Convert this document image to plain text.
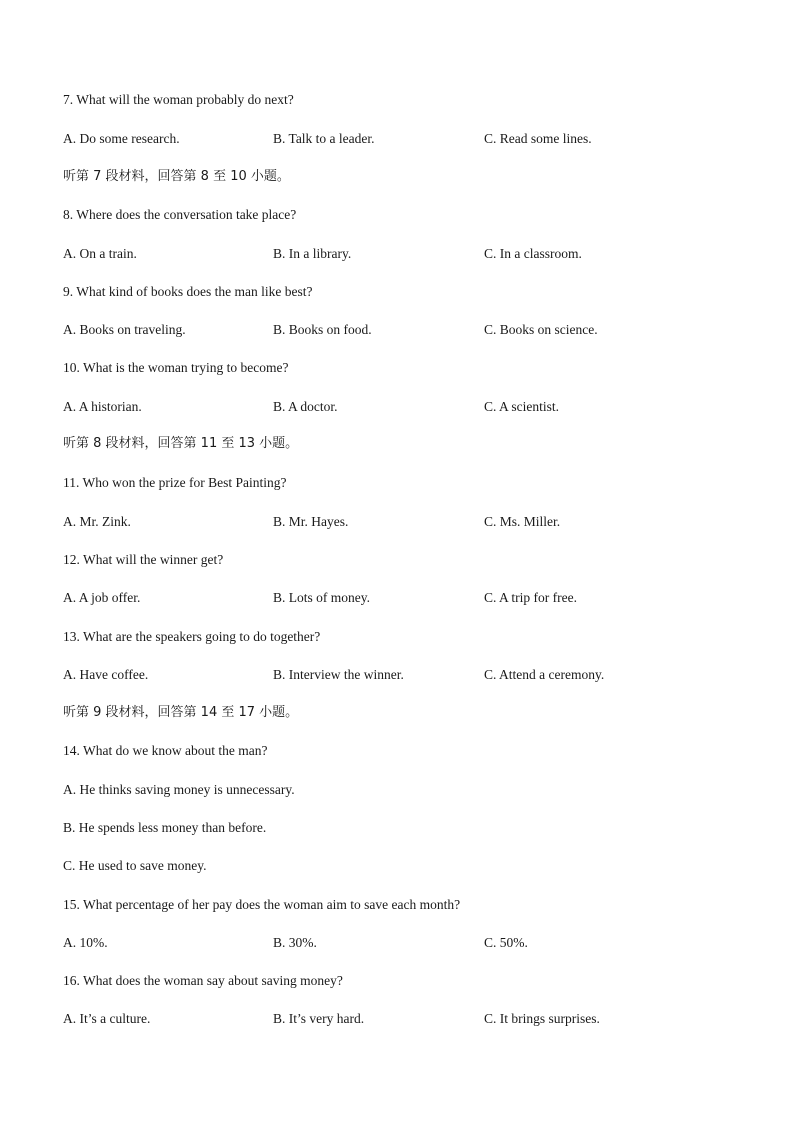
7. What will the woman probably do next?
A. Do some research.	B. Talk to a leader.	C. Read some lines.
听第 7 段材料，回答第 8 至 10 小题。
8. Where does the conversation take place?
A. On a train.	B. In a library.	C. In a classroom.
9. What kind of books does the man like best?
A. Books on traveling.	B. Books on food.	C. Books on science.
10. What is the woman trying to become?
A. A historian.	B. A doctor.	C. A scientist.
听第 8 段材料，回答第 11 至 13 小题。
11. Who won the prize for Best Painting?
A. Mr. Zink.	B. Mr. Hayes.	C. Ms. Miller.
12. What will the winner get?
A. A job offer.	B. Lots of money.	C. A trip for free.
13. What are the speakers going to do together?
A. Have coffee.	B. Interview the winner.	C. Attend a ceremony.
听第 9 段材料，回答第 14 至 17 小题。
14. What do we know about the man?
A. He thinks saving money is unnecessary.
B. He spends less money than before.
C. He used to save money.
15. What percentage of her pay does the woman aim to save each month?
A. 10%.	B. 30%.	C. 50%.
16. What does the woman say about saving money?
A. It’s a culture.	B. It’s very hard.	C. It brings surprises.
